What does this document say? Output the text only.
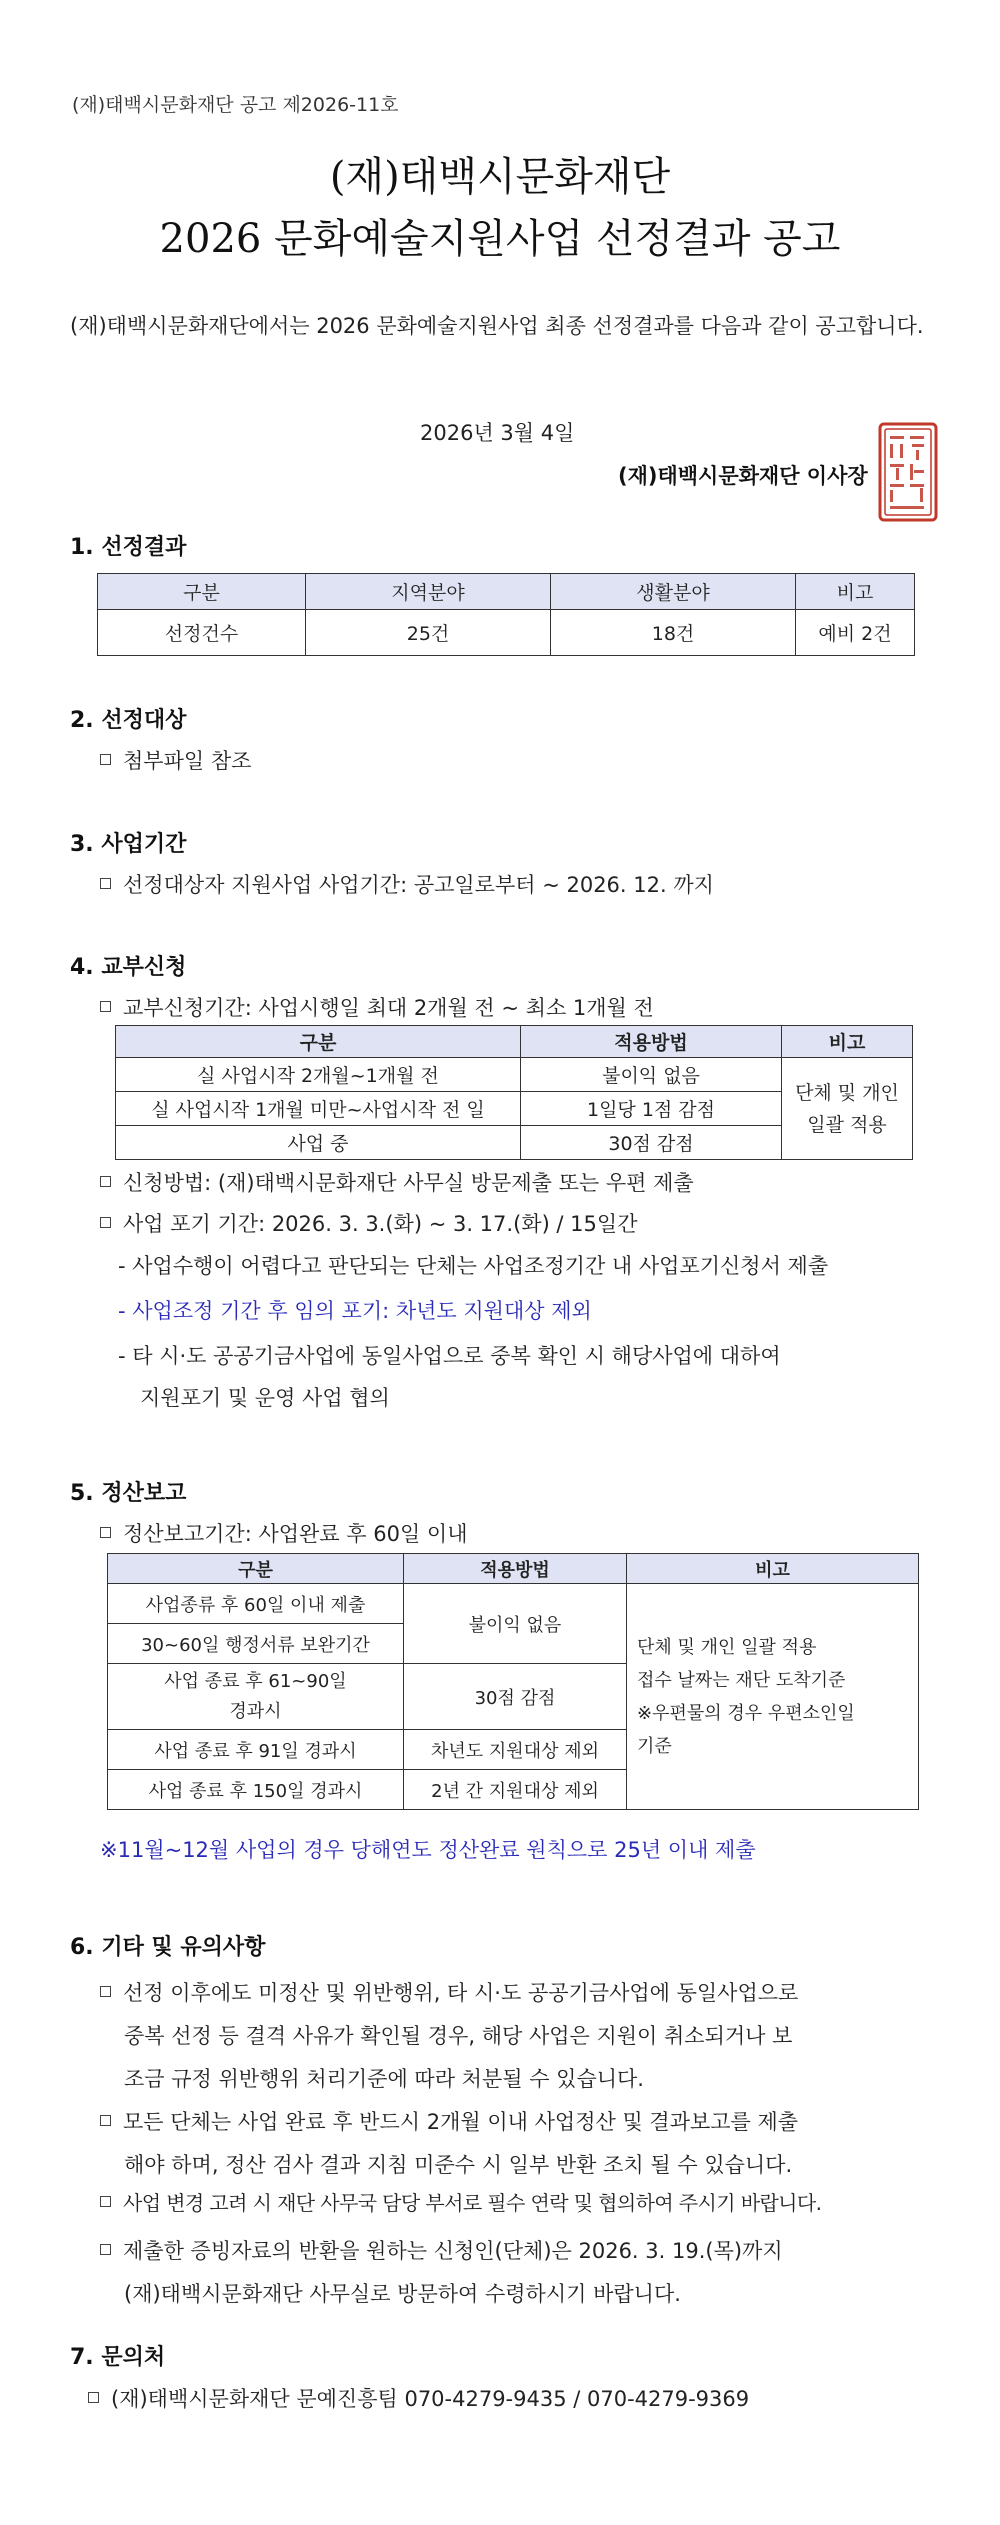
(재)태백시문화재단 공고 제2026-11호
(재)태백시문화재단
2026 문화예술지원사업 선정결과 공고
(재)태백시문화재단에서는 2026 문화예술지원사업 최종 선정결과를 다음과 같이 공고합니다.
2026년 3월 4일
(재)태백시문화재단 이사장
1. 선정결과
구분	지역분야	생활분야	비고
선정건수	25건	18건	예비 2건
2. 선정대상
첨부파일 참조
3. 사업기간
선정대상자 지원사업 사업기간: 공고일로부터 ~ 2026. 12. 까지
4. 교부신청
교부신청기간: 사업시행일 최대 2개월 전 ~ 최소 1개월 전
구분	적용방법	비고
실 사업시작 2개월~1개월 전	불이익 없음	단체 및 개인
일괄 적용

실 사업시작 1개월 미만~사업시작 전 일	1일당 1점 감점	
사업 중	30점 감점	
신청방법: (재)태백시문화재단 사무실 방문제출 또는 우편 제출
사업 포기 기간: 2026. 3. 3.(화) ~ 3. 17.(화) / 15일간
- 사업수행이 어렵다고 판단되는 단체는 사업조정기간 내 사업포기신청서 제출
- 사업조정 기간 후 임의 포기: 차년도 지원대상 제외
- 타 시·도 공공기금사업에 동일사업으로 중복 확인 시 해당사업에 대하여
지원포기 및 운영 사업 협의
5. 정산보고
정산보고기간: 사업완료 후 60일 이내
구분	적용방법	비고
사업종류 후 60일 이내 제출	불이익 없음	단체 및 개인 일괄 적용
접수 날짜는 재단 도착기준
※우편물의 경우 우편소인일
기준

30~60일 행정서류 보완기간		

사업 종료 후 61~90일
경과시	30점 감점	
사업 종료 후 91일 경과시	차년도 지원대상 제외	
사업 종료 후 150일 경과시	2년 간 지원대상 제외	
※11월~12월 사업의 경우 당해연도 정산완료 원칙으로 25년 이내 제출
6. 기타 및 유의사항
선정 이후에도 미정산 및 위반행위, 타 시·도 공공기금사업에 동일사업으로
중복 선정 등 결격 사유가 확인될 경우, 해당 사업은 지원이 취소되거나 보
조금 규정 위반행위 처리기준에 따라 처분될 수 있습니다.
모든 단체는 사업 완료 후 반드시 2개월 이내 사업정산 및 결과보고를 제출
해야 하며, 정산 검사 결과 지침 미준수 시 일부 반환 조치 될 수 있습니다.
사업 변경 고려 시 재단 사무국 담당 부서로 필수 연락 및 협의하여 주시기 바랍니다.
제출한 증빙자료의 반환을 원하는 신청인(단체)은 2026. 3. 19.(목)까지
(재)태백시문화재단 사무실로 방문하여 수령하시기 바랍니다.
7. 문의처
(재)태백시문화재단 문예진흥팀 070-4279-9435 / 070-4279-9369
